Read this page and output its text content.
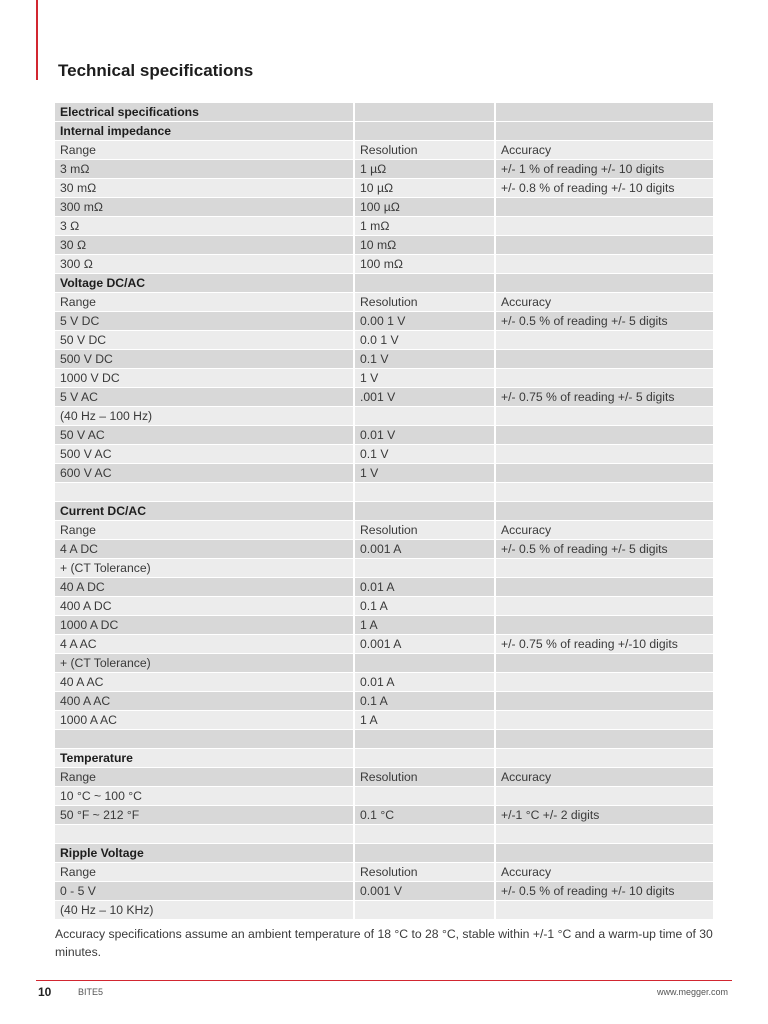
Technical specifications
Electrical specifications		
Internal impedance		
Range	Resolution	Accuracy
3 mΩ	1 µΩ	+/- 1 % of reading +/- 10 digits
30 mΩ	10 µΩ	+/- 0.8 % of reading +/- 10 digits
300 mΩ	100 µΩ	
3 Ω	1 mΩ	
30 Ω	10 mΩ	
300 Ω	100 mΩ	
Voltage DC/AC		
Range	Resolution	Accuracy
5 V DC	0.00 1 V	+/- 0.5 % of reading +/- 5 digits
50 V DC	0.0 1 V	
500 V DC	0.1 V	
1000 V DC	1 V	
5 V AC	.001 V	+/- 0.75 % of reading +/- 5 digits
(40 Hz – 100 Hz)		
50 V AC	0.01 V	
500 V AC	0.1 V	
600 V AC	1 V	

Current DC/AC		
Range	Resolution	Accuracy
4 A DC	0.001 A	+/- 0.5 % of reading +/- 5 digits
+ (CT Tolerance)		
40 A DC	0.01 A	
400 A DC	0.1 A	
1000 A DC	1 A	
4 A AC	0.001 A	+/- 0.75 % of reading +/-10 digits
+ (CT Tolerance)		
40 A AC	0.01 A	
400 A AC	0.1 A	
1000 A AC	1 A	

Temperature		
Range	Resolution	Accuracy
10 °C ~ 100 °C		
50 °F ~ 212 °F	0.1 °C	+/-1 °C +/- 2 digits

Ripple Voltage		
Range	Resolution	Accuracy
0 - 5 V	0.001 V	+/- 0.5 % of reading +/- 10 digits
(40 Hz – 10 KHz)		

Accuracy specifications assume an ambient temperature of 18 °C to 28 °C, stable within +/-1 °C and a warm-up time of 30 minutes.

10	BITE5	www.megger.com
